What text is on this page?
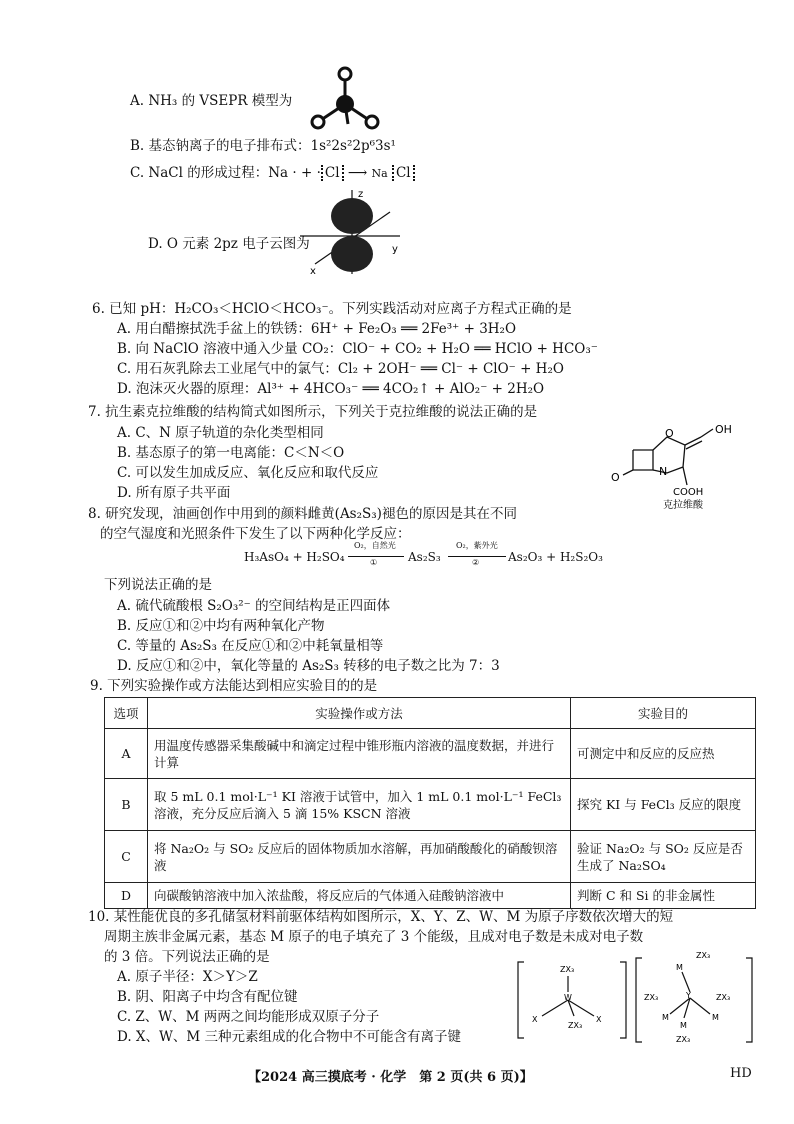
A. NH₃ 的 VSEPR 模型为
B. 基态钠离子的电子排布式：1s²2s²2p⁶3s¹
C. NaCl 的形成过程：Na · + · Cl ⟶ Na Cl
D. O 元素 2pz 电子云图为
z
y
x
6. 已知 pH：H₂CO₃＜HClO＜HCO₃⁻。下列实践活动对应离子方程式正确的是
A. 用白醋擦拭洗手盆上的铁锈：6H⁺ + Fe₂O₃ ══ 2Fe³⁺ + 3H₂O
B. 向 NaClO 溶液中通入少量 CO₂：ClO⁻ + CO₂ + H₂O ══ HClO + HCO₃⁻
C. 用石灰乳除去工业尾气中的氯气：Cl₂ + 2OH⁻ ══ Cl⁻ + ClO⁻ + H₂O
D. 泡沫灭火器的原理：Al³⁺ + 4HCO₃⁻ ══ 4CO₂↑ + AlO₂⁻ + 2H₂O
7. 抗生素克拉维酸的结构简式如图所示，下列关于克拉维酸的说法正确的是
A. C、N 原子轨道的杂化类型相同
B. 基态原子的第一电离能：C＜N＜O
C. 可以发生加成反应、氧化反应和取代反应
D. 所有原子共平面
OH
O
O	N
COOH
克拉维酸
8. 研究发现，油画创作中用到的颜料雌黄(As₂S₃)褪色的原因是其在不同
的空气湿度和光照条件下发生了以下两种化学反应：
H₃AsO₄ + H₂SO₄
O₂，自然光
①	As₂S₃
O₂，紫外光
② As₂O₃ + H₂S₂O₃
下列说法正确的是
A. 硫代硫酸根 S₂O₃²⁻ 的空间结构是正四面体
B. 反应①和②中均有两种氧化产物
C. 等量的 As₂S₃ 在反应①和②中耗氧量相等
D. 反应①和②中，氧化等量的 As₂S₃ 转移的电子数之比为 7：3
9. 下列实验操作或方法能达到相应实验目的的是
选项	实验操作或方法	实验目的
A	用温度传感器采集酸碱中和滴定过程中锥形瓶内溶液的温度数据，并进行计算	可测定中和反应的反应热
B	取 5 mL 0.1 mol·L⁻¹ KI 溶液于试管中，加入 1 mL 0.1 mol·L⁻¹ FeCl₃ 溶液，充分反应后滴入 5 滴 15% KSCN 溶液	探究 KI 与 FeCl₃ 反应的限度
C	将 Na₂O₂ 与 SO₂ 反应后的固体物质加水溶解，再加硝酸酸化的硝酸钡溶液	验证 Na₂O₂ 与 SO₂ 反应是否生成了 Na₂SO₄
D	向碳酸钠溶液中加入浓盐酸，将反应后的气体通入硅酸钠溶液中	判断 C 和 Si 的非金属性
10. 某性能优良的多孔储氢材料前驱体结构如图所示，X、Y、Z、W、M 为原子序数依次增大的短
周期主族非金属元素，基态 M 原子的电子填充了 3 个能级，且成对电子数是未成对电子数
的 3 倍。下列说法正确的是
A. 原子半径：X＞Y＞Z
B. 阴、阳离子中均含有配位键
C. Z、W、M 两两之间均能形成双原子分子
D. X、W、M 三种元素组成的化合物中不可能含有离子键
ZX₃
W
X	X
ZX₃
ZX₃
M
Y
ZX₃	ZX₃
M	M
M
ZX₃
【2024 高三摸底考 · 化学　第 2 页(共 6 页)】	HD
